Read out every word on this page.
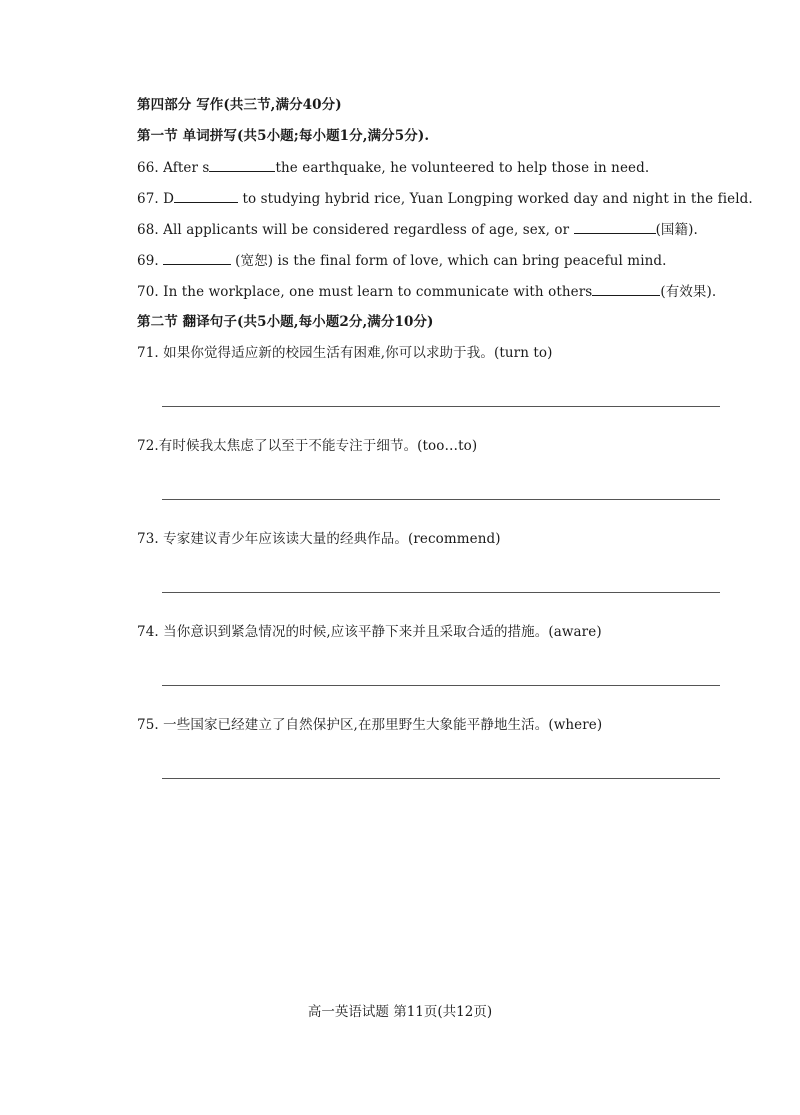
第四部分 写作(共三节,满分40分)
第一节 单词拼写(共5小题;每小题1分,满分5分).
66. After s	the earthquake, he volunteered to help those in need.
67. D	to studying hybrid rice, Yuan Longping worked day and night in the field.
68. All applicants will be considered regardless of age, sex, or	(国籍).
69.	(宽恕) is the final form of love, which can bring peaceful mind.
70. In the workplace, one must learn to communicate with others	(有效果).
第二节 翻译句子(共5小题,每小题2分,满分10分)
71. 如果你觉得适应新的校园生活有困难,你可以求助于我。(turn to)
72.有时候我太焦虑了以至于不能专注于细节。(too…to)
73. 专家建议青少年应该读大量的经典作品。(recommend)
74. 当你意识到紧急情况的时候,应该平静下来并且采取合适的措施。(aware)
75. 一些国家已经建立了自然保护区,在那里野生大象能平静地生活。(where)
高一英语试题 第11页(共12页)
